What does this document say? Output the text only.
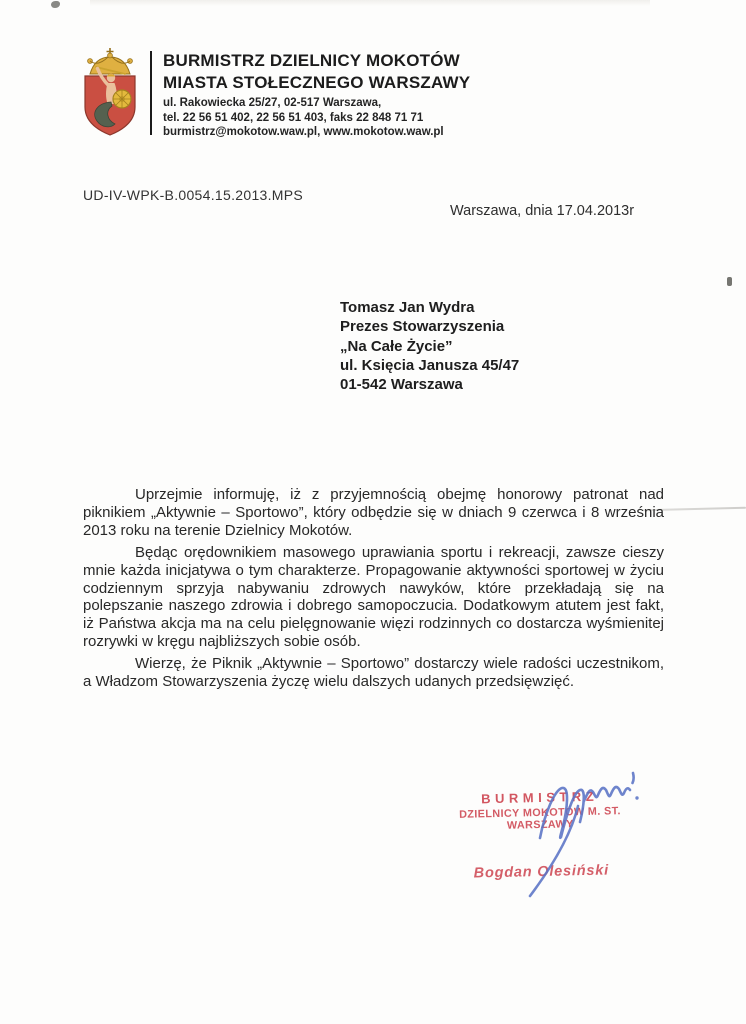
BURMISTRZ DZIELNICY MOKOTÓW
MIASTA STOŁECZNEGO WARSZAWY
ul. Rakowiecka 25/27, 02-517 Warszawa,
tel. 22 56 51 402, 22 56 51 403, faks 22 848 71 71
burmistrz@mokotow.waw.pl, www.mokotow.waw.pl
UD-IV-WPK-B.0054.15.2013.MPS
Warszawa, dnia 17.04.2013r
Tomasz Jan Wydra
Prezes Stowarzyszenia
„Na Całe Życie”
ul. Księcia Janusza 45/47
01-542 Warszawa

Uprzejmie informuję, iż z przyjemnością obejmę honorowy patronat nad piknikiem „Aktywnie – Sportowo”, który odbędzie się w dniach 9 czerwca i 8 września 2013 roku na terenie Dzielnicy Mokotów.

Będąc orędownikiem masowego uprawiania sportu i rekreacji, zawsze cieszy mnie każda inicjatywa o tym charakterze. Propagowanie aktywności sportowej w życiu codziennym sprzyja nabywaniu zdrowych nawyków, które przekładają się na polepszanie naszego zdrowia i dobrego samopoczucia. Dodatkowym atutem jest fakt, iż Państwa akcja ma na celu pielęgnowanie więzi rodzinnych co dostarcza wyśmienitej rozrywki w kręgu najbliższych sobie osób.

Wierzę, że Piknik „Aktywnie – Sportowo” dostarczy wiele radości uczestnikom, a Władzom Stowarzyszenia życzę wielu dalszych udanych przedsięwzięć.

BURMISTRZ
DZIELNICY MOKOTÓW M. ST. WARSZAWY
Bogdan Olesiński
